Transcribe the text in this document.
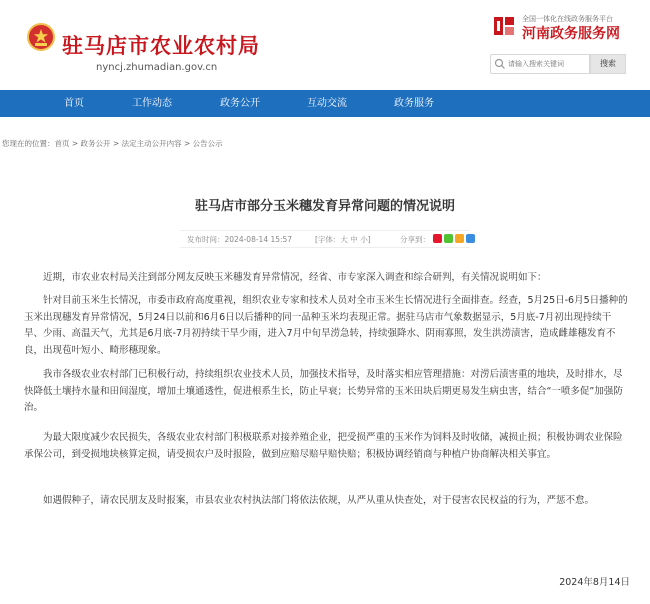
驻马店市农业农村局
nyncj.zhumadian.gov.cn
全国一体化在线政务服务平台
河南政务服务网
请输入搜索关键词
搜索
首页	工作动态	政务公开	互动交流	政务服务
您现在的位置：首页 > 政务公开 > 法定主动公开内容 > 公告公示
驻马店市部分玉米穗发育异常问题的情况说明
发布时间：2024-08-14 15:57	[字体：大 中 小]	分享到：
近期，市农业农村局关注到部分网友反映玉米穗发育异常情况，经省、市专家深入调查和综合研判，有关情况说明如下：
针对目前玉米生长情况，市委市政府高度重视，组织农业专家和技术人员对全市玉米生长情况进行全面排查。经查，5月25日-6月5日播种的玉米出现穗发育异常情况，5月24日以前和6月6日以后播种的同一品种玉米均表现正常。据驻马店市气象数据显示，5月底-7月初出现持续干旱、少雨、高温天气，尤其是6月底-7月初持续干旱少雨，进入7月中旬旱涝急转，持续强降水、阴雨寡照，发生洪涝渍害，造成雌雄穗发育不良，出现苞叶短小、畸形穗现象。
我市各级农业农村部门已积极行动，持续组织农业技术人员，加强技术指导，及时落实相应管理措施：对涝后渍害重的地块，及时排水，尽快降低土壤持水量和田间湿度，增加土壤通透性，促进根系生长，防止早衰；长势异常的玉米田块后期更易发生病虫害，结合“一喷多促”加强防治。
为最大限度减少农民损失，各级农业农村部门积极联系对接养殖企业，把受损严重的玉米作为饲料及时收储，减损止损；积极协调农业保险承保公司，到受损地块核算定损，请受损农户及时报险，做到应赔尽赔早赔快赔；积极协调经销商与种植户协商解决相关事宜。
如遇假种子，请农民朋友及时报案，市县农业农村执法部门将依法依规，从严从重从快查处，对于侵害农民权益的行为，严惩不怠。
2024年8月14日
